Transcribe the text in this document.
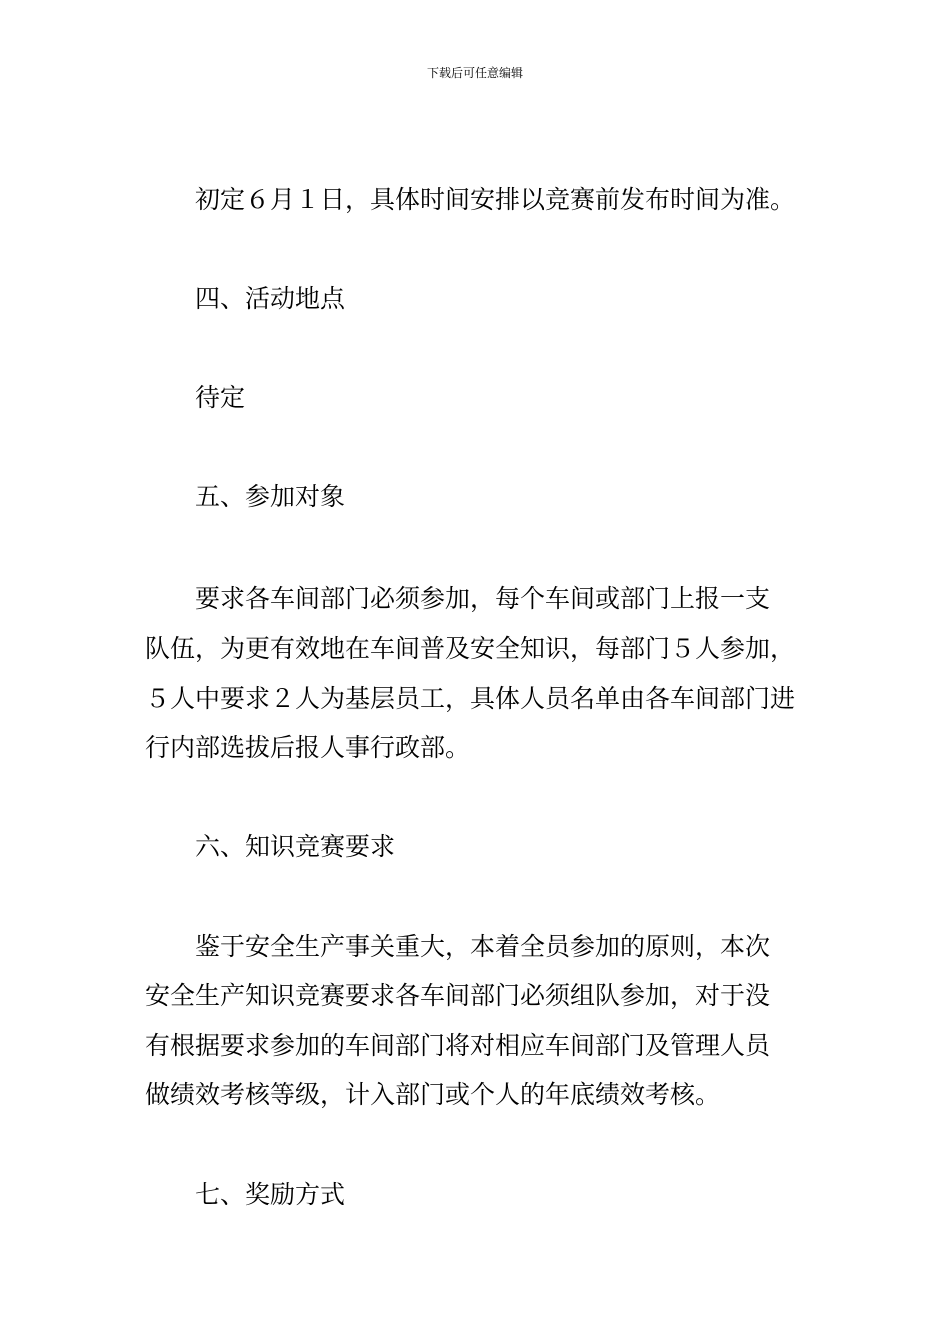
下载后可任意编辑
初定６月１日，具体时间安排以竞赛前发布时间为准。
四、活动地点
待定
五、参加对象
要求各车间部门必须参加，每个车间或部门上报一支
队伍，为更有效地在车间普及安全知识，每部门５人参加，
５人中要求２人为基层员工，具体人员名单由各车间部门进
行内部选拔后报人事行政部。
六、知识竞赛要求
鉴于安全生产事关重大，本着全员参加的原则，本次
安全生产知识竞赛要求各车间部门必须组队参加，对于没
有根据要求参加的车间部门将对相应车间部门及管理人员
做绩效考核等级，计入部门或个人的年底绩效考核。
七、奖励方式
